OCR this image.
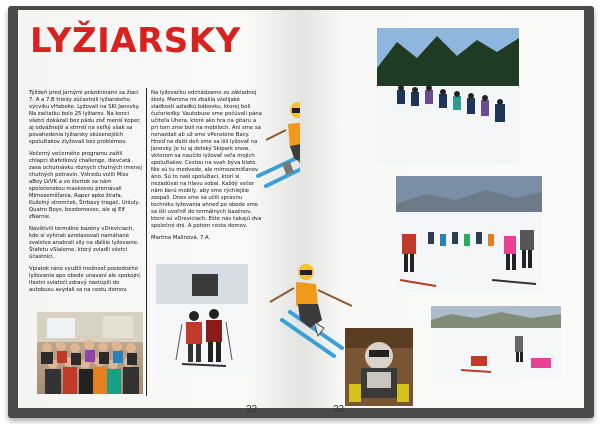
LYŽIARSKY

Týždeň pred jarnými prázdninami sa žiaci 7. A a 7.B triedy zúčastnili lyžiarskeho výcviku vHaboke. Lyžovali na SKI Janovky. Na začiatku bolo 25 lyžiarov. Na konci všetci dokázali bez pádu zísť menší kopec aj odvážnejší a strmší na veľký však sa povahodenia lyžiarsky skúsenejších spolužiakov zlyžovali bez problémov.

Večerný večerného programu zažili chlapci štafetkový challenge, dievčatá zasa ochutnávku rôznych chutných imenej chutných potravín. Vstredu volili Miss aBoy LVVK a vo štvrtok sa nám spoločenskou maskovou premávali Mimozemšťania, Raper apko žirafa, Kuželný stromček, Štrbavý tragač, Uršuly, Quatro Boys, bezdomovec, ale aj Elf zNarnie.

Navštívili termálne bazény vDreviciach, kde si vyhriali azrelaxovali namáhané zvalstvo anabrali sily na ďalšie lyžovanie. Štafetu vSlalome, ktorý zviadli všetci účastníci.

Vpiatok ráno využili možnosť posledného lyžovania apo obede unavaní ale spokojní, ifastní sviatočí zdravý nastúpili do autobusu avydali sa na cestu domov.

Na lyžovačku odchádzame zo základnej školy. Mamina mi zbalila všelijaké sladkosti azladkú bábovku, ktorej boli čučoriedky. Vautobuse sme počúvali pána učiteľa Uhera, ktoré ako hra na gitaru a pri tom zme boli na mobiloch. Ani sme sa nenazdali ab už sme vPenzióne Bacy. Hneď na ďalší deň sme sa išli lyžovať na Janovky. Je tu aj detský Skipark snow, vktorom sa naučilo lyžovať veľa mojich spolužiakov. Cestou na svah býva blato. Nie sú tu medvede, ale mimozemšťanov áno. Sú to naši spolužiaci, ktorí si nezadúval na hlavu sobal. Každý večer nám berú mobily, aby sme rýchlejšie zaspali. Dnes sme sa učili správnu techniku lyžovania ahneď po obede sme sa išli uvoľniť do termálnych bazénov, ktoré sú vDreviciach. Ešte nás čakajú dva spoločné dni. A potom cesta domov.

Martina Malinová, 7.A.

22	23
